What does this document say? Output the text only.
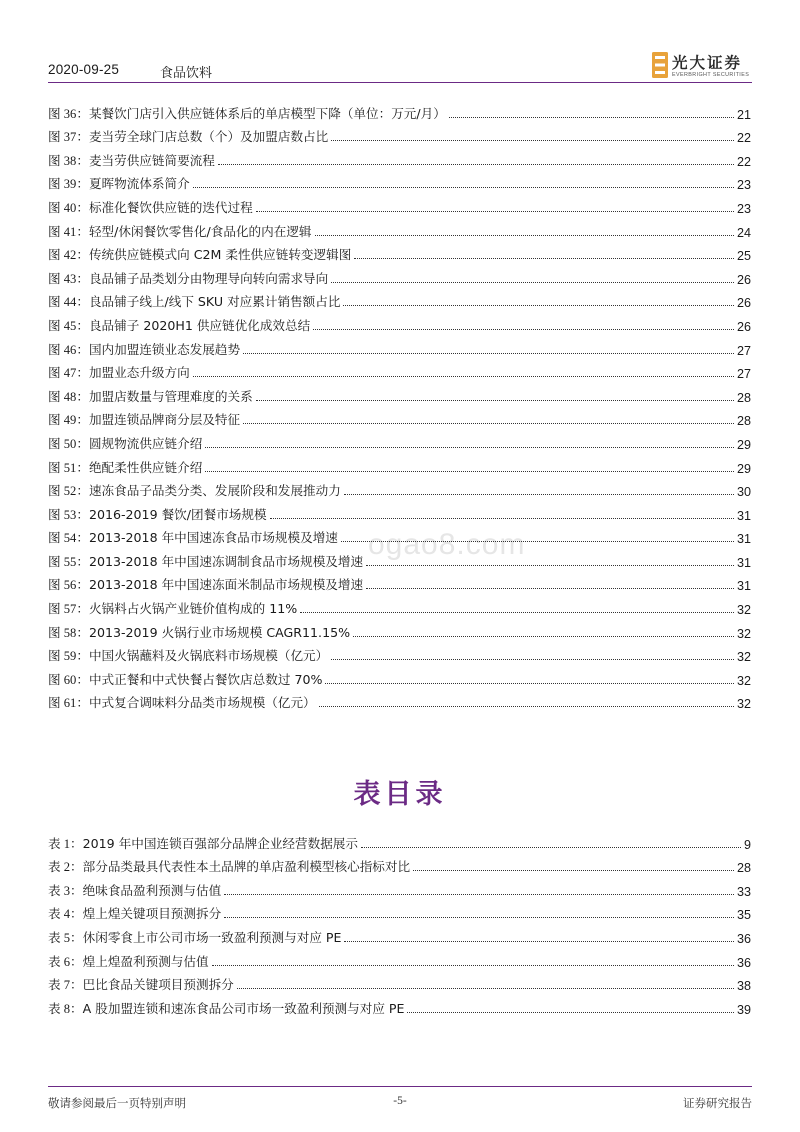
2020-09-25	食品饮料
光大证券
EVERBRIGHT SECURITIES
ogao8.com
图 36： 某餐饮门店引入供应链体系后的单店模型下降（单位：万元/月）	21
图 37： 麦当劳全球门店总数（个）及加盟店数占比	22
图 38： 麦当劳供应链简要流程	22
图 39： 夏晖物流体系简介	23
图 40： 标准化餐饮供应链的迭代过程	23
图 41： 轻型/休闲餐饮零售化/食品化的内在逻辑	24
图 42： 传统供应链模式向 C2M 柔性供应链转变逻辑图	25
图 43： 良品铺子品类划分由物理导向转向需求导向	26
图 44： 良品铺子线上/线下 SKU 对应累计销售额占比	26
图 45： 良品铺子 2020H1 供应链优化成效总结	26
图 46： 国内加盟连锁业态发展趋势	27
图 47： 加盟业态升级方向	27
图 48： 加盟店数量与管理难度的关系	28
图 49： 加盟连锁品牌商分层及特征	28
图 50： 圆规物流供应链介绍	29
图 51： 绝配柔性供应链介绍	29
图 52： 速冻食品子品类分类、发展阶段和发展推动力	30
图 53： 2016-2019 餐饮/团餐市场规模	31
图 54： 2013-2018 年中国速冻食品市场规模及增速	31
图 55： 2013-2018 年中国速冻调制食品市场规模及增速	31
图 56： 2013-2018 年中国速冻面米制品市场规模及增速	31
图 57： 火锅料占火锅产业链价值构成的 11%	32
图 58： 2013-2019 火锅行业市场规模 CAGR11.15%	32
图 59： 中国火锅蘸料及火锅底料市场规模（亿元）	32
图 60： 中式正餐和中式快餐占餐饮店总数过 70%	32
图 61： 中式复合调味料分品类市场规模（亿元）	32
表目录
表 1： 2019 年中国连锁百强部分品牌企业经营数据展示	9
表 2： 部分品类最具代表性本土品牌的单店盈利模型核心指标对比	28
表 3： 绝味食品盈利预测与估值	33
表 4： 煌上煌关键项目预测拆分	35
表 5： 休闲零食上市公司市场一致盈利预测与对应 PE	36
表 6： 煌上煌盈利预测与估值	36
表 7： 巴比食品关键项目预测拆分	38
表 8： A 股加盟连锁和速冻食品公司市场一致盈利预测与对应 PE	39
敬请参阅最后一页特别声明	-5-	证券研究报告
